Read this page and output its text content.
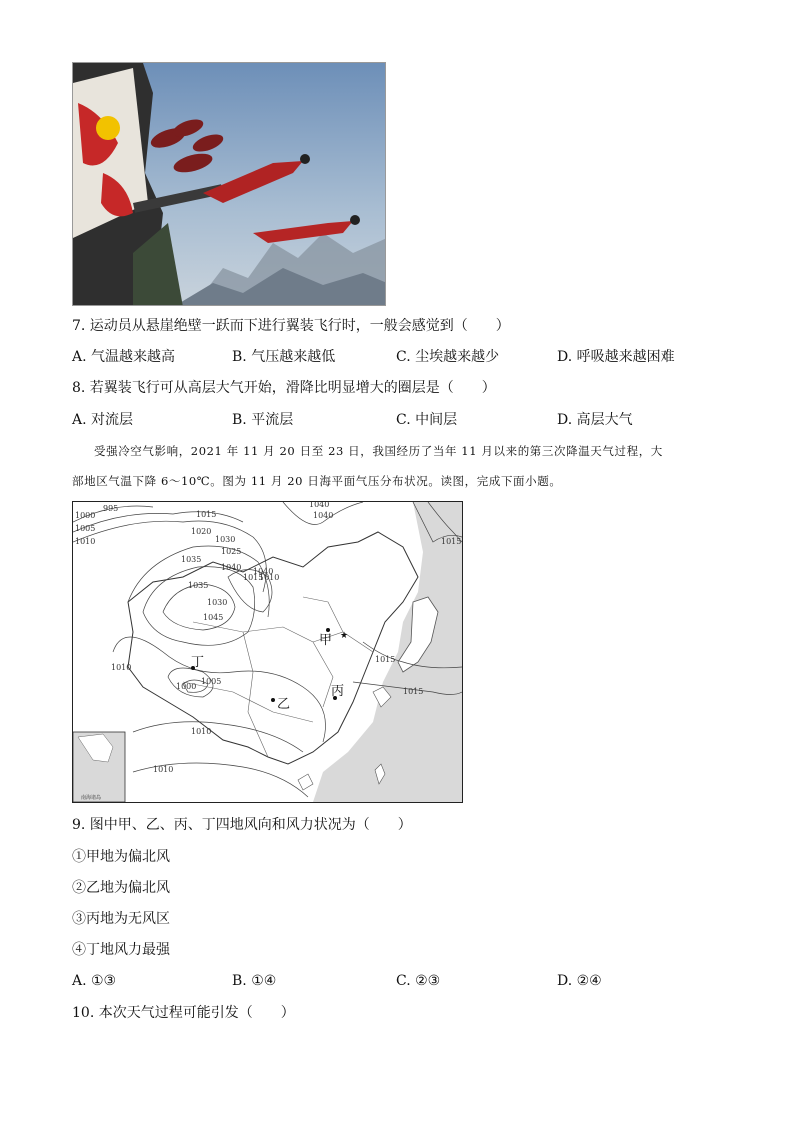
7. 运动员从悬崖绝壁一跃而下进行翼装飞行时，一般会感觉到（　　）
A. 气温越来越高	B. 气压越来越低	C. 尘埃越来越少	D. 呼吸越来越困难
8. 若翼装飞行可从高层大气开始，滑降比明显增大的圈层是（　　）
A. 对流层	B. 平流层	C. 中间层	D. 高层大气
受强冷空气影响，2021 年 11 月 20 日至 23 日，我国经历了当年 11 月以来的第三次降温天气过程，大
部地区气温下降 6～10℃。图为 11 月 20 日海平面气压分布状况。读图，完成下面小题。
995
1000
1005
1010
1015
1020
1025
1030
1035
1040
1045
1040
1035
1040
1030
1015
1015
1015
1010
1010
1000
1005
1010
1010
1040
1015
甲 ★
乙
丙
丁
南海诸岛
9. 图中甲、乙、丙、丁四地风向和风力状况为（　　）
①甲地为偏北风
②乙地为偏北风
③丙地为无风区
④丁地风力最强
A. ①③	B. ①④	C. ②③	D. ②④
10. 本次天气过程可能引发（　　）
